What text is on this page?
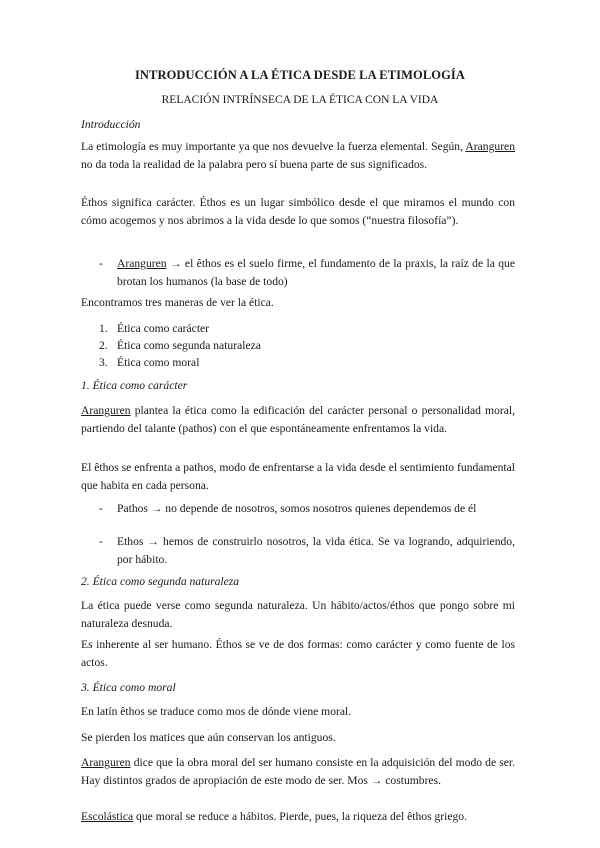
INTRODUCCIÓN A LA ÉTICA DESDE LA ETIMOLOGÍA
RELACIÓN INTRÍNSECA DE LA ÉTICA CON LA VIDA
Introducción
La etimología es muy importante ya que nos devuelve la fuerza elemental. Según, Aranguren no da toda la realidad de la palabra pero sí buena parte de sus significados.
Éthos significa carácter. Éthos es un lugar simbólico desde el que miramos el mundo con cómo acogemos y nos abrimos a la vida desde lo que somos (“nuestra filosofía”).
- Aranguren → el êthos es el suelo firme, el fundamento de la praxis, la raíz de la que brotan los humanos (la base de todo)
Encontramos tres maneras de ver la ética.
1. Ética como carácter
2. Ética como segunda naturaleza
3. Ética como moral
1. Ética como carácter
Aranguren plantea la ética como la edificación del carácter personal o personalidad moral, partiendo del talante (pathos) con el que espontáneamente enfrentamos la vida.
El êthos se enfrenta a pathos, modo de enfrentarse a la vida desde el sentimiento fundamental que habita en cada persona.
- Pathos → no depende de nosotros, somos nosotros quienes dependemos de él
- Ethos → hemos de construirlo nosotros, la vida ética. Se va logrando, adquiriendo, por hábito.
2. Ética como segunda naturaleza
La ética puede verse como segunda naturaleza. Un hábito/actos/éthos que pongo sobre mi naturaleza desnuda.
Es inherente al ser humano. Éthos se ve de dos formas: como carácter y como fuente de los actos.
3. Ética como moral
En latín êthos se traduce como mos de dónde viene moral.
Se pierden los matices que aún conservan los antiguos.
Aranguren dice que la obra moral del ser humano consiste en la adquisición del modo de ser. Hay distintos grados de apropiación de este modo de ser. Mos → costumbres.
Escolástica que moral se reduce a hábitos. Pierde, pues, la riqueza del êthos griego.
